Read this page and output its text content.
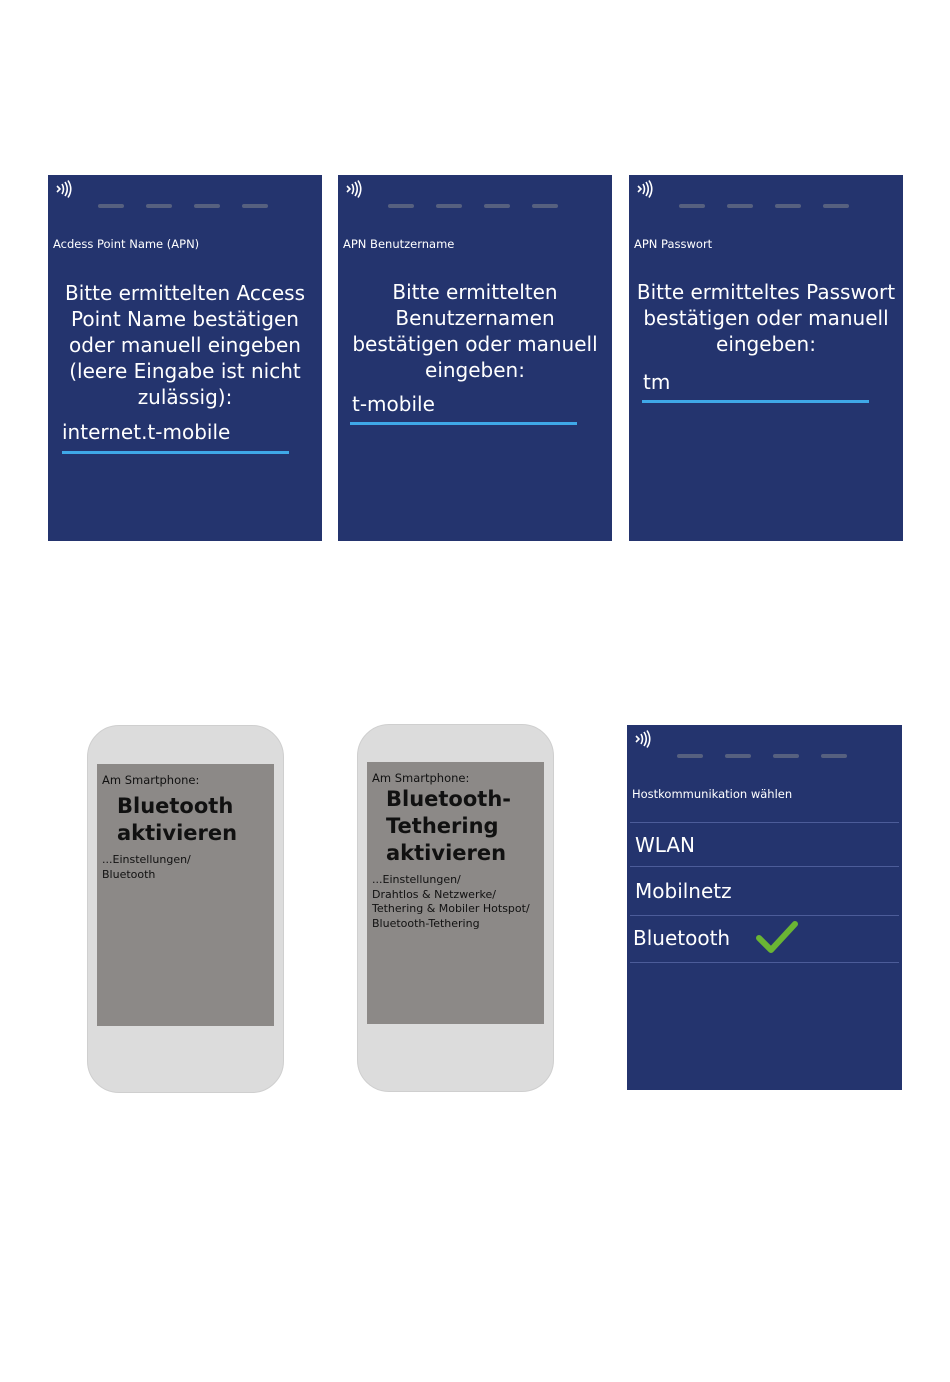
Acdess Point Name (APN)
Bitte ermittelten Access Point Name bestätigen oder manuell eingeben (leere Eingabe ist nicht zulässig):
internet.t-mobile
APN Benutzername
Bitte ermittelten Benutzernamen bestätigen oder manuell eingeben:
t-mobile
APN Passwort
Bitte ermitteltes Passwort bestätigen oder manuell eingeben:
tm
Am Smartphone:
Bluetooth
aktivieren
...Einstellungen/
Bluetooth
Am Smartphone:
Bluetooth-
Tethering
aktivieren
...Einstellungen/
Drahtlos & Netzwerke/
Tethering & Mobiler Hotspot/
Bluetooth-Tethering
Hostkommunikation wählen
WLAN
Mobilnetz
Bluetooth
